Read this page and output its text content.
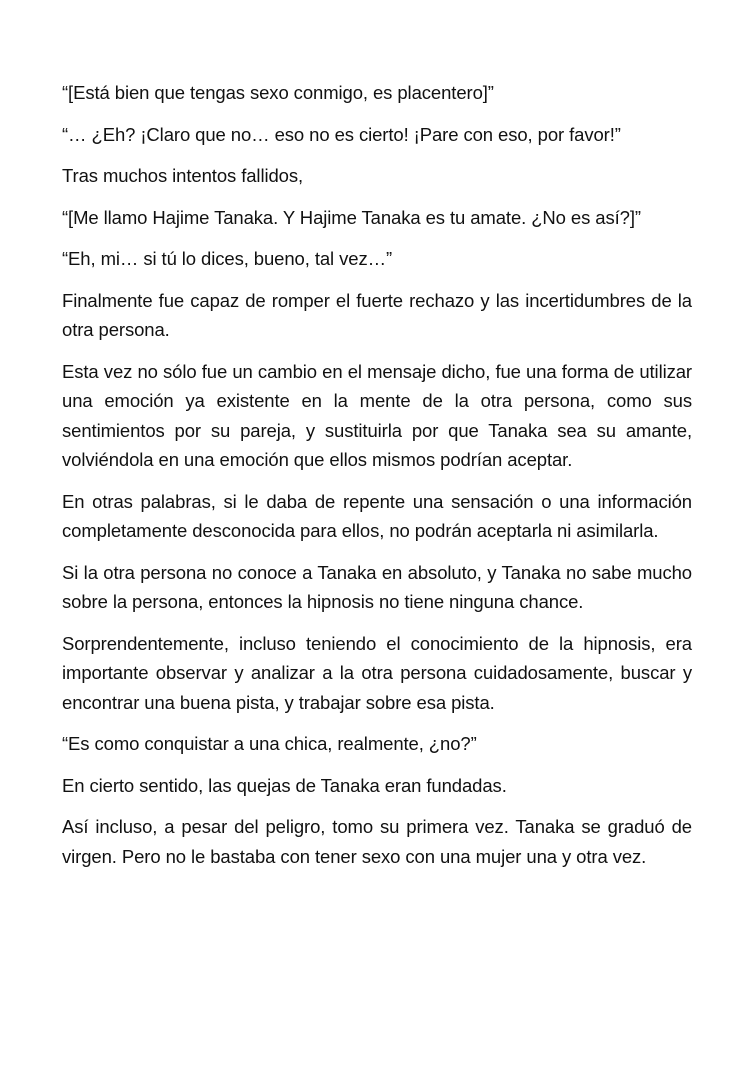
“[Está bien que tengas sexo conmigo, es placentero]”

“… ¿Eh? ¡Claro que no… eso no es cierto! ¡Pare con eso, por favor!”

Tras muchos intentos fallidos,

“[Me llamo Hajime Tanaka. Y Hajime Tanaka es tu amate. ¿No es así?]”

“Eh, mi… si tú lo dices, bueno, tal vez…”

Finalmente fue capaz de romper el fuerte rechazo y las incertidumbres de la otra persona.

Esta vez no sólo fue un cambio en el mensaje dicho, fue una forma de utilizar una emoción ya existente en la mente de la otra persona, como sus sentimientos por su pareja, y sustituirla por que Tanaka sea su amante, volviéndola en una emoción que ellos mismos podrían aceptar.

En otras palabras, si le daba de repente una sensación o una información completamente desconocida para ellos, no podrán aceptarla ni asimilarla.

Si la otra persona no conoce a Tanaka en absoluto, y Tanaka no sabe mucho sobre la persona, entonces la hipnosis no tiene ninguna chance.

Sorprendentemente, incluso teniendo el conocimiento de la hipnosis, era importante observar y analizar a la otra persona cuidadosamente, buscar y encontrar una buena pista, y trabajar sobre esa pista.

“Es como conquistar a una chica, realmente, ¿no?”

En cierto sentido, las quejas de Tanaka eran fundadas.

Así incluso, a pesar del peligro, tomo su primera vez. Tanaka se graduó de virgen. Pero no le bastaba con tener sexo con una mujer una y otra vez.
